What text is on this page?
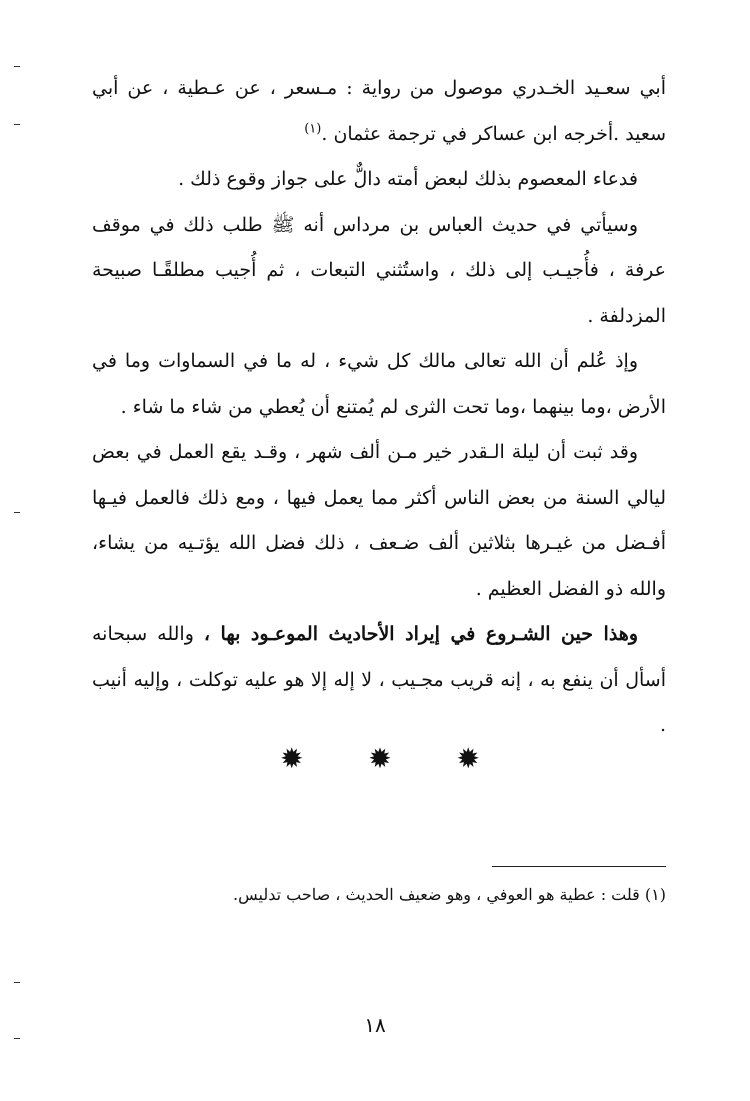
أبي سعـيد الخـدري موصول من رواية : مـسعر ، عن عـطية ، عن أبي سعيد .أخرجه ابن عساكر في ترجمة عثمان .$^{(١)}$

فدعاء المعصوم بذلك لبعض أمته دالٌّ على جواز وقوع ذلك .

وسيأتي في حديث العباس بن مرداس أنه ﷺ طلب ذلك في موقف عرفة ، فأُجيـب إلى ذلك ، واستُثني التبعات ، ثم أُجيب مطلقًـا صبيحة المزدلفة .

وإذ عُلم أن الله تعالى مالك كل شيء ، له ما في السماوات وما في الأرض ،وما بينهما ،وما تحت الثرى لم يُمتنع أن يُعطي من شاء ما شاء .

وقد ثبت أن ليلة الـقدر خير مـن ألف شهر ، وقـد يقع العمل في بعض ليالي السنة من بعض الناس أكثر مما يعمل فيها ، ومع ذلك فالعمل فيـها أفـضل من غيـرها بثلاثين ألف ضـعف ، ذلك فضل الله يؤتـيه من يشاء، والله ذو الفضل العظيم .

وهذا حين الشـروع في إيراد الأحاديث الموعـود بها ، والله سبحانه أسأل أن ينفع به ، إنه قريب مجـيب ، لا إله إلا هو عليه توكلت ، وإليه أنيب .

✹
✹
✹
(١) قلت : عطية هو العوفي ، وهو ضعيف الحديث ، صاحب تدليس.
١٨
